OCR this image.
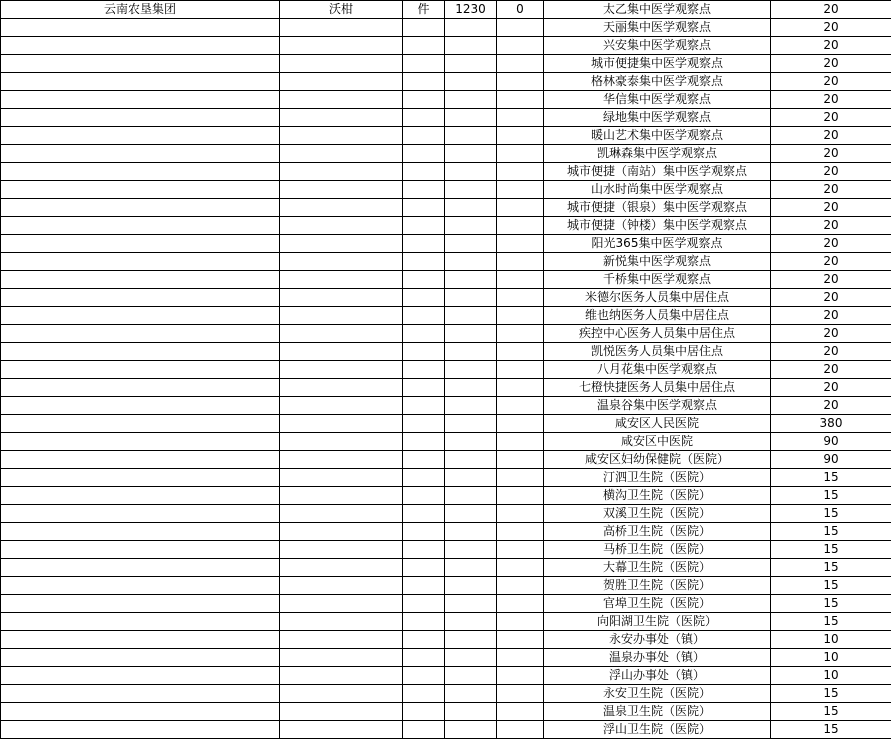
云南农垦集团	沃柑	件	1230	0	太乙集中医学观察点	20
					天丽集中医学观察点	20
					兴安集中医学观察点	20
					城市便捷集中医学观察点	20
					格林豪泰集中医学观察点	20
					华信集中医学观察点	20
					绿地集中医学观察点	20
					暖山艺术集中医学观察点	20
					凯琳森集中医学观察点	20
					城市便捷（南站）集中医学观察点	20
					山水时尚集中医学观察点	20
					城市便捷（银泉）集中医学观察点	20
					城市便捷（钟楼）集中医学观察点	20
					阳光365集中医学观察点	20
					新悦集中医学观察点	20
					千桥集中医学观察点	20
					米德尔医务人员集中居住点	20
					维也纳医务人员集中居住点	20
					疾控中心医务人员集中居住点	20
					凯悦医务人员集中居住点	20
					八月花集中医学观察点	20
					七橙快捷医务人员集中居住点	20
					温泉谷集中医学观察点	20
					咸安区人民医院	380
					咸安区中医院	90
					咸安区妇幼保健院（医院）	90
					汀泗卫生院（医院）	15
					横沟卫生院（医院）	15
					双溪卫生院（医院）	15
					高桥卫生院（医院）	15
					马桥卫生院（医院）	15
					大幕卫生院（医院）	15
					贺胜卫生院（医院）	15
					官埠卫生院（医院）	15
					向阳湖卫生院（医院）	15
					永安办事处（镇）	10
					温泉办事处（镇）	10
					浮山办事处（镇）	10
					永安卫生院（医院）	15
					温泉卫生院（医院）	15
					浮山卫生院（医院）	15
